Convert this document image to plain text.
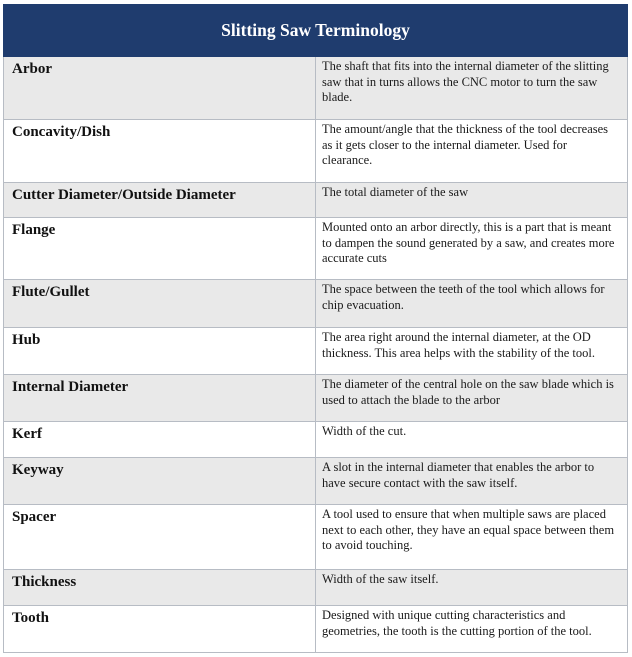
Slitting Saw Terminology	
Arbor	The shaft that fits into the internal diameter of the slitting saw that in turns allows the CNC motor to turn the saw blade.
Concavity/Dish	The amount/angle that the thickness of the tool decreases as it gets closer to the internal diameter. Used for clearance.
Cutter Diameter/Outside Diameter	The total diameter of the saw
Flange	Mounted onto an arbor directly, this is a part that is meant to dampen the sound generated by a saw, and creates more accurate cuts
Flute/Gullet	The space between the teeth of the tool which allows for chip evacuation.
Hub	The area right around the internal diameter, at the OD thickness. This area helps with the stability of the tool.
Internal Diameter	The diameter of the central hole on the saw blade which is used to attach the blade to the arbor
Kerf	Width of the cut.
Keyway	A slot in the internal diameter that enables the arbor to have secure contact with the saw itself.
Spacer	A tool used to ensure that when multiple saws are placed next to each other, they have an equal space between them to avoid touching.
Thickness	Width of the saw itself.
Tooth	Designed with unique cutting characteristics and geometries, the tooth is the cutting portion of the tool.
